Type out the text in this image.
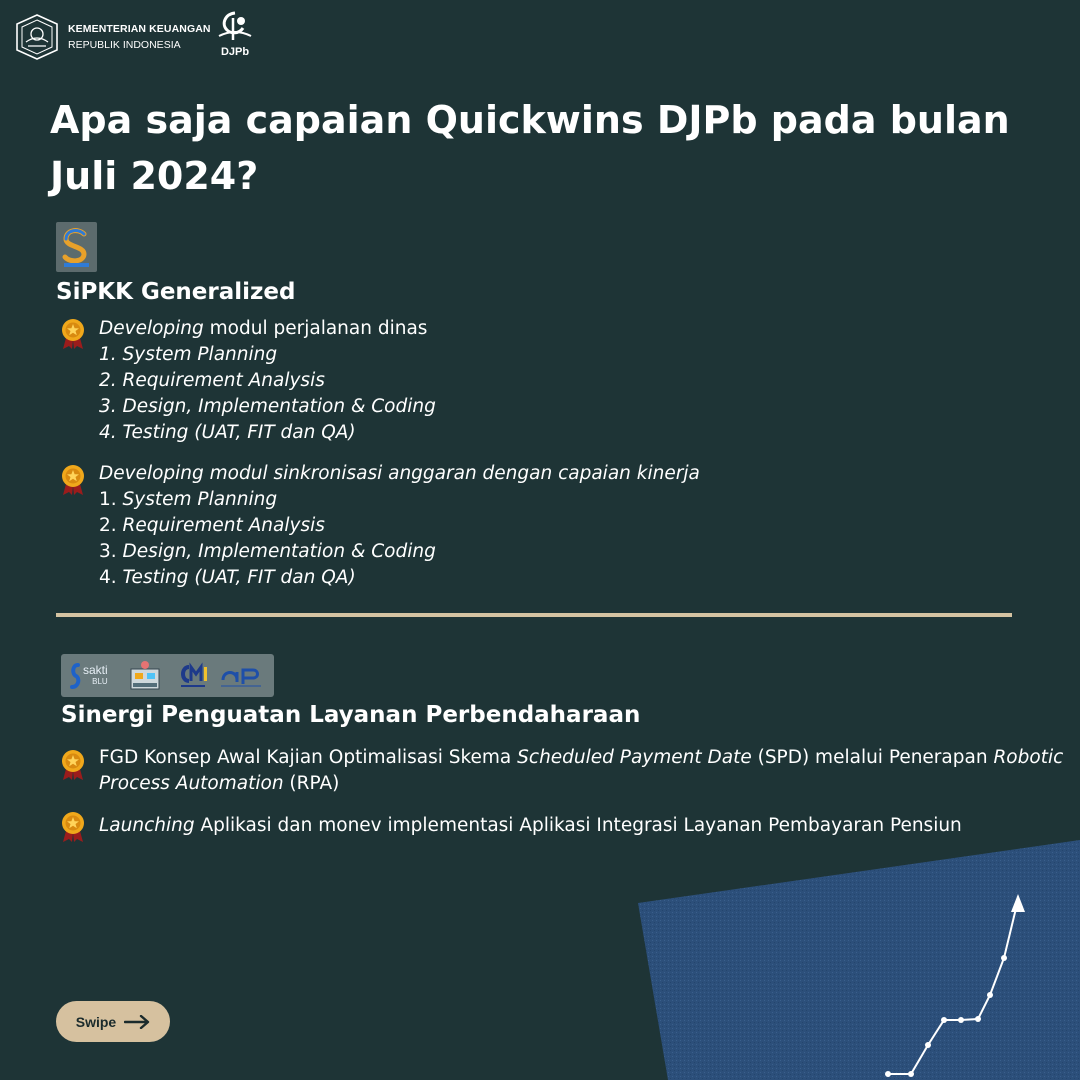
KEMENTERIAN KEUANGAN
REPUBLIK INDONESIA
DJPb
Apa saja capaian Quickwins DJPb pada bulan Juli 2024?
SiPKK Generalized
Developing modul perjalanan dinas
1. System Planning
2. Requirement Analysis
3. Design, Implementation & Coding
4. Testing (UAT, FIT dan QA)
Developing modul sinkronisasi anggaran dengan capaian kinerja
1. System Planning
2. Requirement Analysis
3. Design, Implementation & Coding
4. Testing (UAT, FIT dan QA)
sakti
BLU
Sinergi Penguatan Layanan Perbendaharaan
FGD Konsep Awal Kajian Optimalisasi Skema Scheduled Payment Date (SPD) melalui Penerapan Robotic Process Automation (RPA)
Launching Aplikasi dan monev implementasi Aplikasi Integrasi Layanan Pembayaran Pensiun
Swipe
